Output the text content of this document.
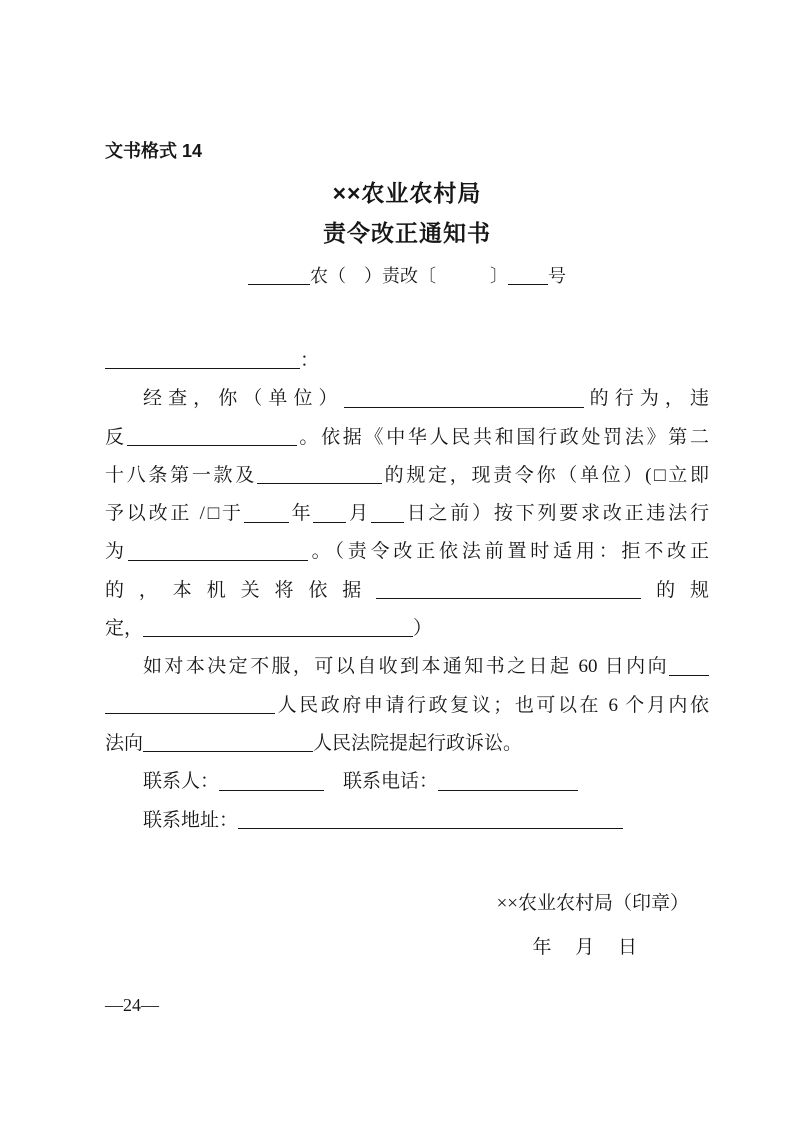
文书格式 14
××农业农村局
责令改正通知书
农（　）责改〔　　　〕 号
：
经查，你（单位）	的行为，违
反	。依据《中华人民共和国行政处罚法》第二
十八条第一款及	的规定，现责令你（单位）(□立即
予以改正 /□于 年 月 日之前）按下列要求改正违法行
为	。（责令改正依法前置时适用：拒不改正
的，本机关将依据	的规
定，	）
如对本决定不服，可以自收到本通知书之日起 60 日内向
人民政府申请行政复议；也可以在 6 个月内依
法向	人民法院提起行政诉讼。
联系人：	　联系电话：
联系地址：
××农业农村局（印章）
年　 月　 日
—24—
